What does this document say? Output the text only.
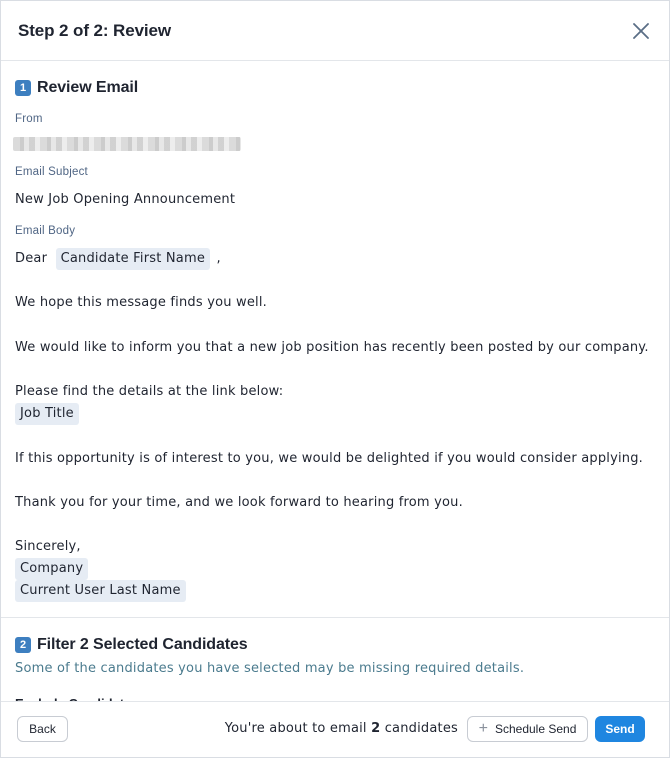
Step 2 of 2: Review
1 Review Email
From
Email Subject
New Job Opening Announcement
Email Body
Dear Candidate First Name ,
We hope this message finds you well.
We would like to inform you that a new job position has recently been posted by our company.
Please find the details at the link below:
Job Title
If this opportunity is of interest to you, we would be delighted if you would consider applying.
Thank you for your time, and we look forward to hearing from you.
Sincerely,
Company
Current User Last Name
2 Filter 2 Selected Candidates
Some of the candidates you have selected may be missing required details.
Back	You're about to email 2 candidates + Schedule Send	Send
